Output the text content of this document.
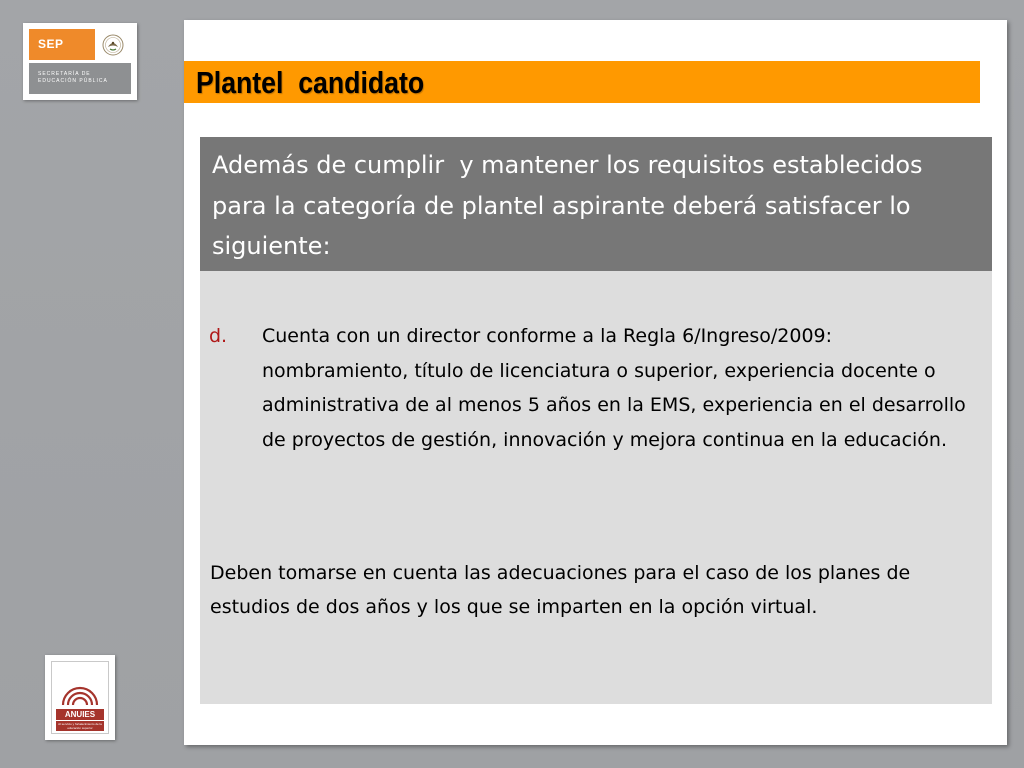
SEP
SECRETARÍA DE
EDUCACIÓN PÚBLICA
ANUIES
Al servicio y fortalecimiento de la educación superior
Plantel  candidato
Además de cumplir  y mantener los requisitos establecidos para la categoría de plantel aspirante deberá satisfacer lo siguiente:
d. Cuenta con un director conforme a la Regla 6/Ingreso/2009: nombramiento, título de licenciatura o superior, experiencia docente o administrativa de al menos 5 años en la EMS, experiencia en el desarrollo de proyectos de gestión, innovación y mejora continua en la educación.
Deben tomarse en cuenta las adecuaciones para el caso de los planes de estudios de dos años y los que se imparten en la opción virtual.
